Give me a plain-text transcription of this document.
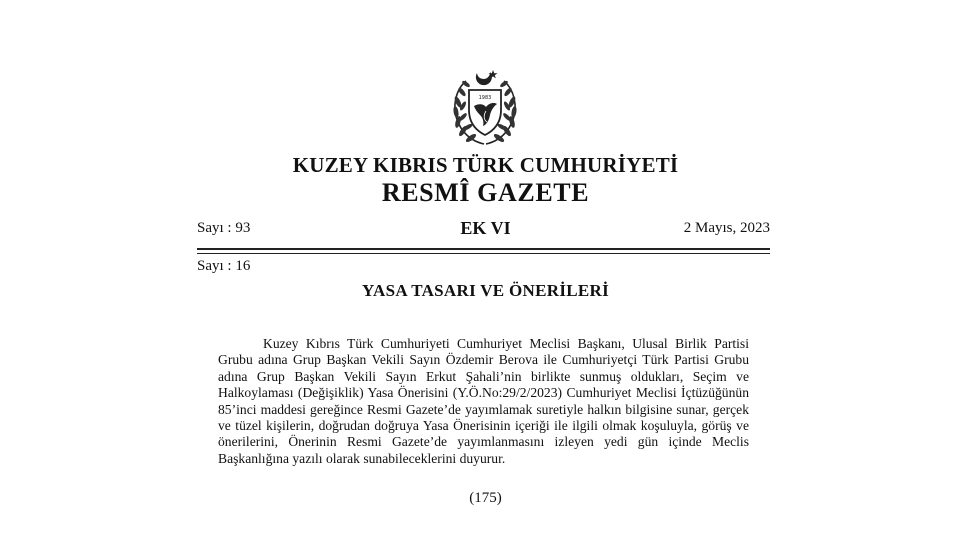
1983
KUZEY KIBRIS TÜRK CUMHURİYETİ
RESMÎ GAZETE
Sayı : 93	EK VI	2 Mayıs, 2023
Sayı : 16
YASA TASARI VE ÖNERİLERİ

Kuzey Kıbrıs Türk Cumhuriyeti Cumhuriyet Meclisi Başkanı, Ulusal Birlik Partisi Grubu adına Grup Başkan Vekili Sayın Özdemir Berova ile Cumhuriyetçi Türk Partisi Grubu adına Grup Başkan Vekili Sayın Erkut Şahali’nin birlikte sunmuş oldukları, Seçim ve Halkoylaması (Değişiklik) Yasa Önerisini (Y.Ö.No:29/2/2023) Cumhuriyet Meclisi İçtüzüğünün 85’inci maddesi gereğince Resmi Gazete’de yayımlamak suretiyle halkın bilgisine sunar, gerçek ve tüzel kişilerin, doğrudan doğruya Yasa Önerisinin içeriği ile ilgili olmak koşuluyla, görüş ve önerilerini, Önerinin Resmi Gazete’de yayımlanmasını izleyen yedi gün içinde Meclis Başkanlığına yazılı olarak sunabileceklerini duyurur.

(175)
